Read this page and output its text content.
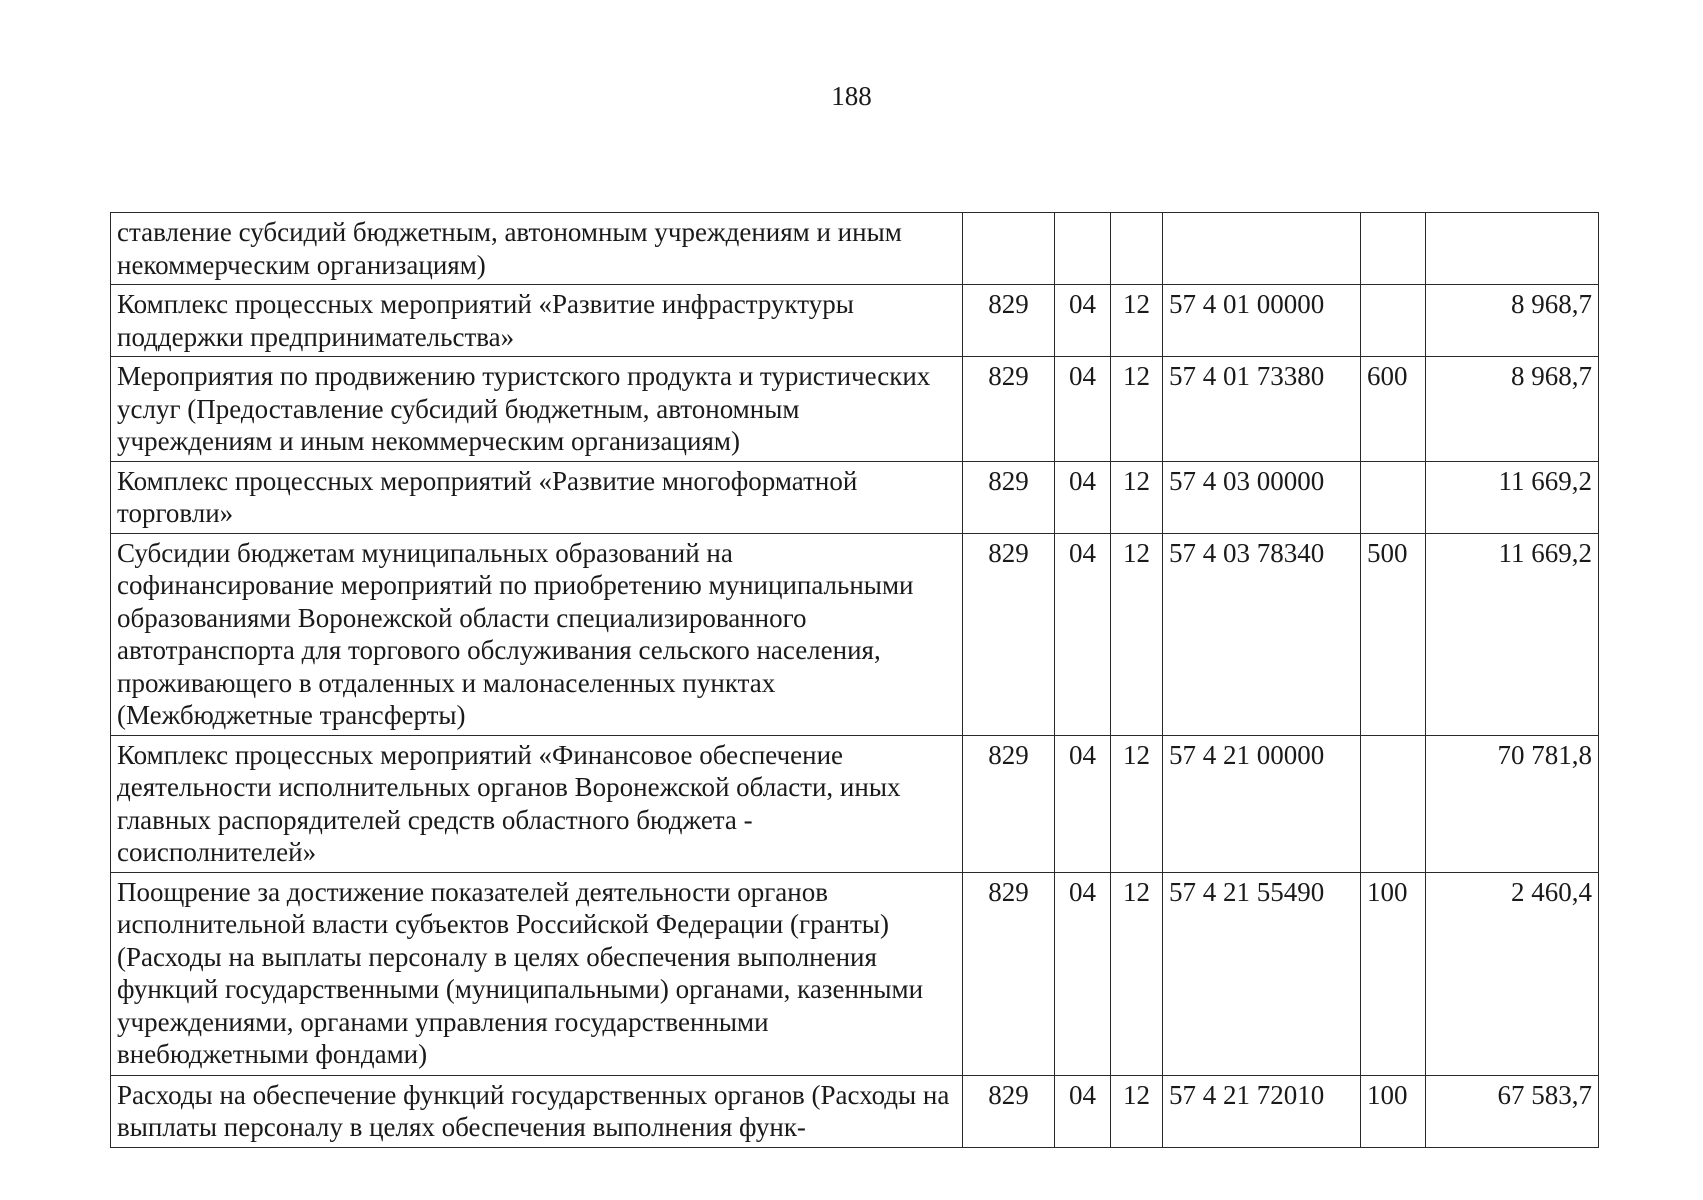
188
ставление субсидий бюджетным, автономным учреждениям и иным некоммерческим организациям)						
Комплекс процессных мероприятий «Развитие инфраструктуры поддержки предпринимательства»	829	04	12	57 4 01 00000		8 968,7
Мероприятия по продвижению туристского продукта и туристических услуг (Предоставление субсидий бюджетным, автономным учреждениям и иным некоммерческим организациям)	829	04	12	57 4 01 73380	600	8 968,7
Комплекс процессных мероприятий «Развитие многоформатной торговли»	829	04	12	57 4 03 00000		11 669,2
Субсидии бюджетам муниципальных образований на софинансирование мероприятий по приобретению муниципальными образованиями Воронежской области специализированного автотранспорта для торгового обслуживания сельского населения, проживающего в отдаленных и малонаселенных пунктах (Межбюджетные трансферты)	829	04	12	57 4 03 78340	500	11 669,2
Комплекс процессных мероприятий «Финансовое обеспечение деятельности исполнительных органов Воронежской области, иных главных распорядителей средств областного бюджета - соисполнителей»	829	04	12	57 4 21 00000		70 781,8
Поощрение за достижение показателей деятельности органов исполнительной власти субъектов Российской Федерации (гранты) (Расходы на выплаты персоналу в целях обеспечения выполнения функций государственными (муниципальными) органами, казенными учреждениями, органами управления государственными внебюджетными фондами)	829	04	12	57 4 21 55490	100	2 460,4
Расходы на обеспечение функций государственных органов (Расходы на выплаты персоналу в целях обеспечения выполнения функ-	829	04	12	57 4 21 72010	100	67 583,7
